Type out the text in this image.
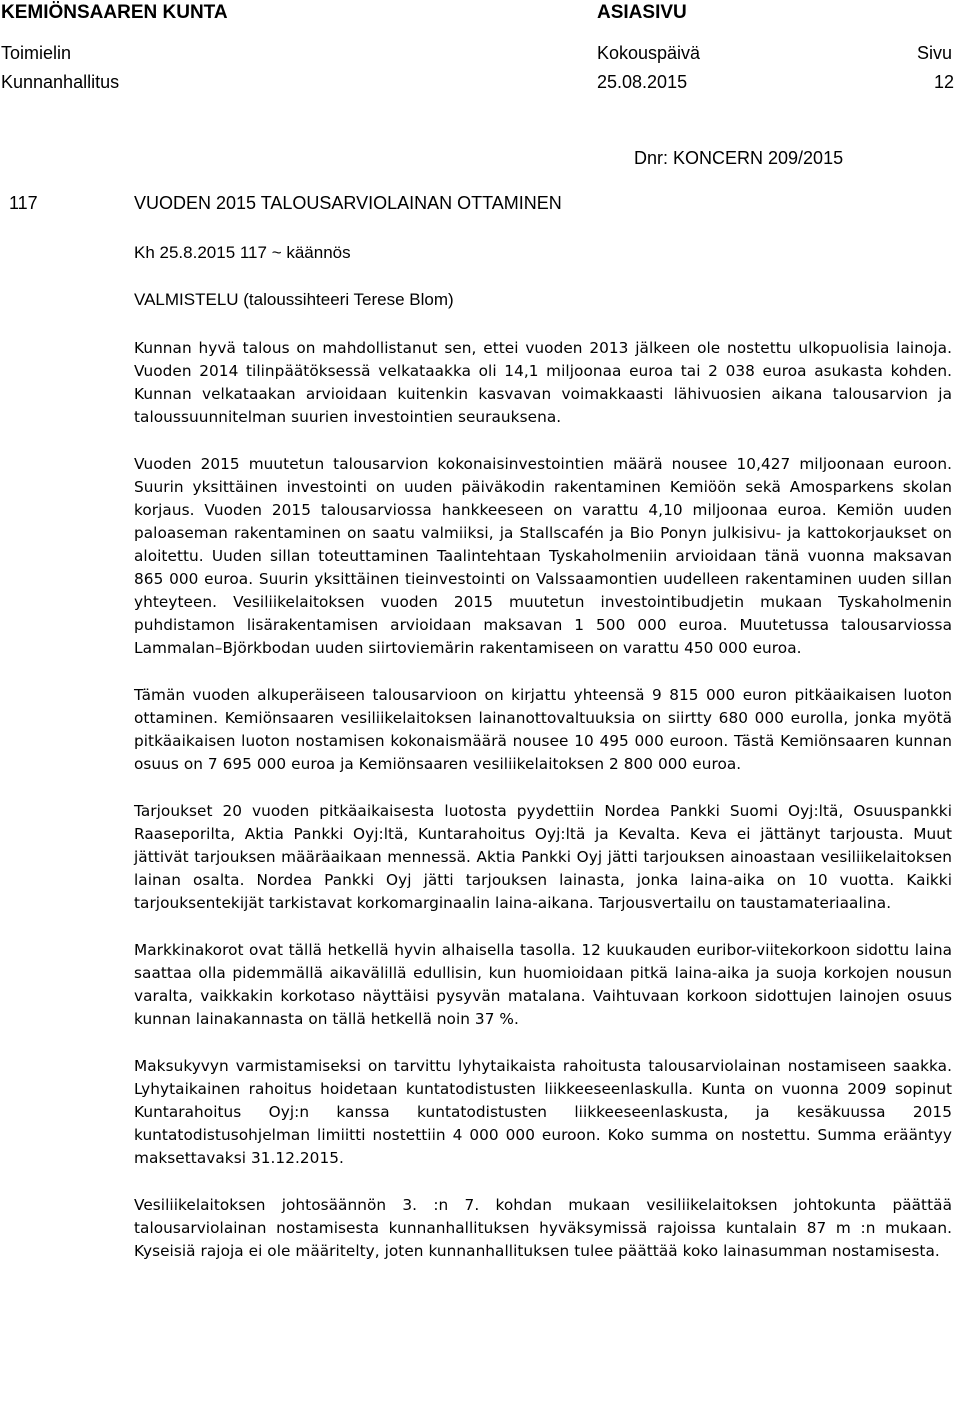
KEMIÖNSAAREN KUNTA	ASIASIVU
Toimielin	Kokouspäivä	Sivu
Kunnanhallitus	25.08.2015	12
Dnr: KONCERN 209/2015
117	VUODEN 2015 TALOUSARVIOLAINAN OTTAMINEN
Kh 25.8.2015 117 ~ käännös
VALMISTELU (taloussihteeri Terese Blom)

Kunnan hyvä talous on mahdollistanut sen, ettei vuoden 2013 jälkeen ole nostettu ulkopuolisia lainoja. Vuoden 2014 tilinpäätöksessä velkataakka oli 14,1 miljoonaa euroa tai 2 038 euroa asukasta kohden. Kunnan velkataakan arvioidaan kuitenkin kasvavan voimakkaasti lähivuosien aikana talousarvion ja taloussuunnitelman suurien investointien seurauksena.

Vuoden 2015 muutetun talousarvion kokonaisinvestointien määrä nousee 10,427 miljoonaan euroon. Suurin yksittäinen investointi on uuden päiväkodin rakentaminen Kemiöön sekä Amosparkens skolan korjaus. Vuoden 2015 talousarviossa hankkeeseen on varattu 4,10 miljoonaa euroa. Kemiön uuden paloaseman rakentaminen on saatu valmiiksi, ja Stallscafén ja Bio Ponyn julkisivu- ja kattokorjaukset on aloitettu. Uuden sillan toteuttaminen Taalintehtaan Tyskaholmeniin arvioidaan tänä vuonna maksavan 865 000 euroa. Suurin yksittäinen tieinvestointi on Valssaamontien uudelleen rakentaminen uuden sillan yhteyteen. Vesiliikelaitoksen vuoden 2015 muutetun investointibudjetin mukaan Tyskaholmenin puhdistamon lisärakentamisen arvioidaan maksavan 1 500 000 euroa. Muutetussa talousarviossa Lammalan–Björkbodan uuden siirtoviemärin rakentamiseen on varattu 450 000 euroa.

Tämän vuoden alkuperäiseen talousarvioon on kirjattu yhteensä 9 815 000 euron pitkäaikaisen luoton ottaminen. Kemiönsaaren vesiliikelaitoksen lainanottovaltuuksia on siirtty 680 000 eurolla, jonka myötä pitkäaikaisen luoton nostamisen kokonaismäärä nousee 10 495 000 euroon. Tästä Kemiönsaaren kunnan osuus on 7 695 000 euroa ja Kemiönsaaren vesiliikelaitoksen 2 800 000 euroa.

Tarjoukset 20 vuoden pitkäaikaisesta luotosta pyydettiin Nordea Pankki Suomi Oyj:ltä, Osuuspankki Raaseporilta, Aktia Pankki Oyj:ltä, Kuntarahoitus Oyj:ltä ja Kevalta. Keva ei jättänyt tarjousta. Muut jättivät tarjouksen määräaikaan mennessä. Aktia Pankki Oyj jätti tarjouksen ainoastaan vesiliikelaitoksen lainan osalta. Nordea Pankki Oyj jätti tarjouksen lainasta, jonka laina-aika on 10 vuotta. Kaikki tarjouksentekijät tarkistavat korkomarginaalin laina-aikana. Tarjousvertailu on taustamateriaalina.

Markkinakorot ovat tällä hetkellä hyvin alhaisella tasolla. 12 kuukauden euribor-viitekorkoon sidottu laina saattaa olla pidemmällä aikavälillä edullisin, kun huomioidaan pitkä laina-aika ja suoja korkojen nousun varalta, vaikkakin korkotaso näyttäisi pysyvän matalana. Vaihtuvaan korkoon sidottujen lainojen osuus kunnan lainakannasta on tällä hetkellä noin 37 %.

Maksukyvyn varmistamiseksi on tarvittu lyhytaikaista rahoitusta talousarviolainan nostamiseen saakka. Lyhytaikainen rahoitus hoidetaan kuntatodistusten liikkeeseenlaskulla. Kunta on vuonna 2009 sopinut Kuntarahoitus Oyj:n kanssa kuntatodistusten liikkeeseenlaskusta, ja kesäkuussa 2015 kuntatodistusohjelman limiitti nostettiin 4 000 000 euroon. Koko summa on nostettu. Summa erääntyy maksettavaksi 31.12.2015.

Vesiliikelaitoksen johtosäännön 3. :n 7. kohdan mukaan vesiliikelaitoksen johtokunta päättää talousarviolainan nostamisesta kunnanhallituksen hyväksymissä rajoissa kuntalain 87 m :n mukaan. Kyseisiä rajoja ei ole määritelty, joten kunnanhallituksen tulee päättää koko lainasumman nostamisesta.
